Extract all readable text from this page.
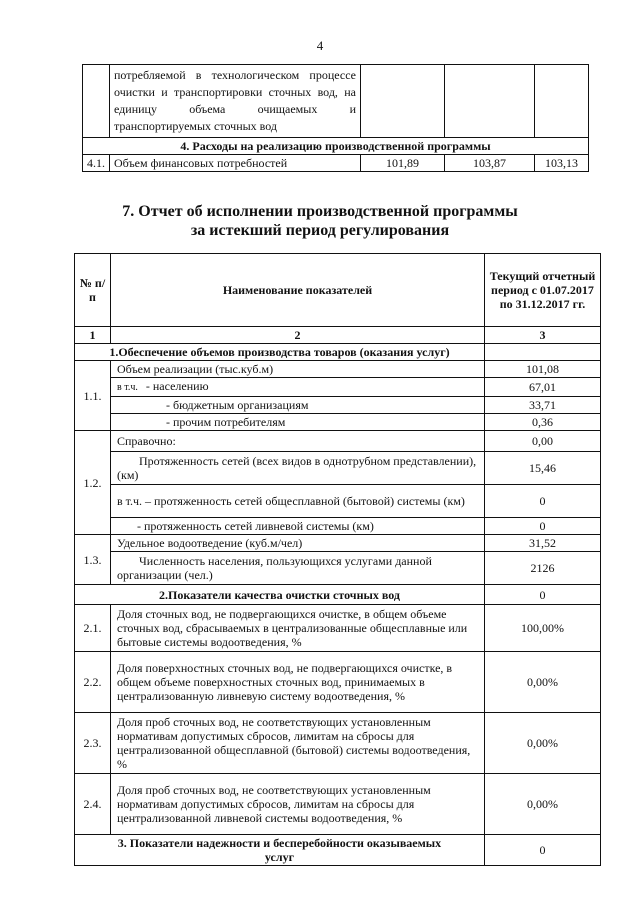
4
	потребляемой в технологическом процессе очистки и транспортировки сточных вод, на единицу объема очищаемых и транспортируемых сточных вод			
4. Расходы на реализацию производственной программы				
4.1.	Объем финансовых потребностей	101,89	103,87	103,13
7. Отчет об исполнении производственной программы
за истекший период регулирования
№ п/п	Наименование показателей	Текущий отчетный период с 01.07.2017 по 31.12.2017 гг.
1	2	3
1.Обеспечение объемов производства товаров (оказания услуг)		
1.1.	Объем реализации (тыс.куб.м)	101,08
	в т.ч. - населению	67,01
	- бюджетным организациям	33,71
	- прочим потребителям	0,36
1.2.	Справочно:	0,00
	Протяженность сетей (всех видов в однотрубном представлении), (км)	15,46
	в т.ч. – протяженность сетей общесплавной (бытовой) системы (км)	0
	- протяженность сетей ливневой системы (км)	0
1.3.	Удельное водоотведение (куб.м/чел)	31,52
	Численность населения, пользующихся услугами данной организации (чел.)	2126
2.Показатели качества очистки сточных вод		0
2.1.	Доля сточных вод, не подвергающихся очистке, в общем объеме сточных вод, сбрасываемых в централизованные общесплавные или бытовые системы водоотведения, %	100,00%
2.2.	Доля поверхностных сточных вод, не подвергающихся очистке, в общем объеме поверхностных сточных вод, принимаемых в централизованную ливневую систему водоотведения, %	0,00%
2.3.	Доля проб сточных вод, не соответствующих установленным нормативам допустимых сбросов, лимитам на сбросы для централизованной общесплавной (бытовой) системы водоотведения, %	0,00%
2.4.	Доля проб сточных вод, не соответствующих установленным нормативам допустимых сбросов, лимитам на сбросы для централизованной ливневой системы водоотведения, %	0,00%
3. Показатели надежности и бесперебойности оказываемых услуг		0
